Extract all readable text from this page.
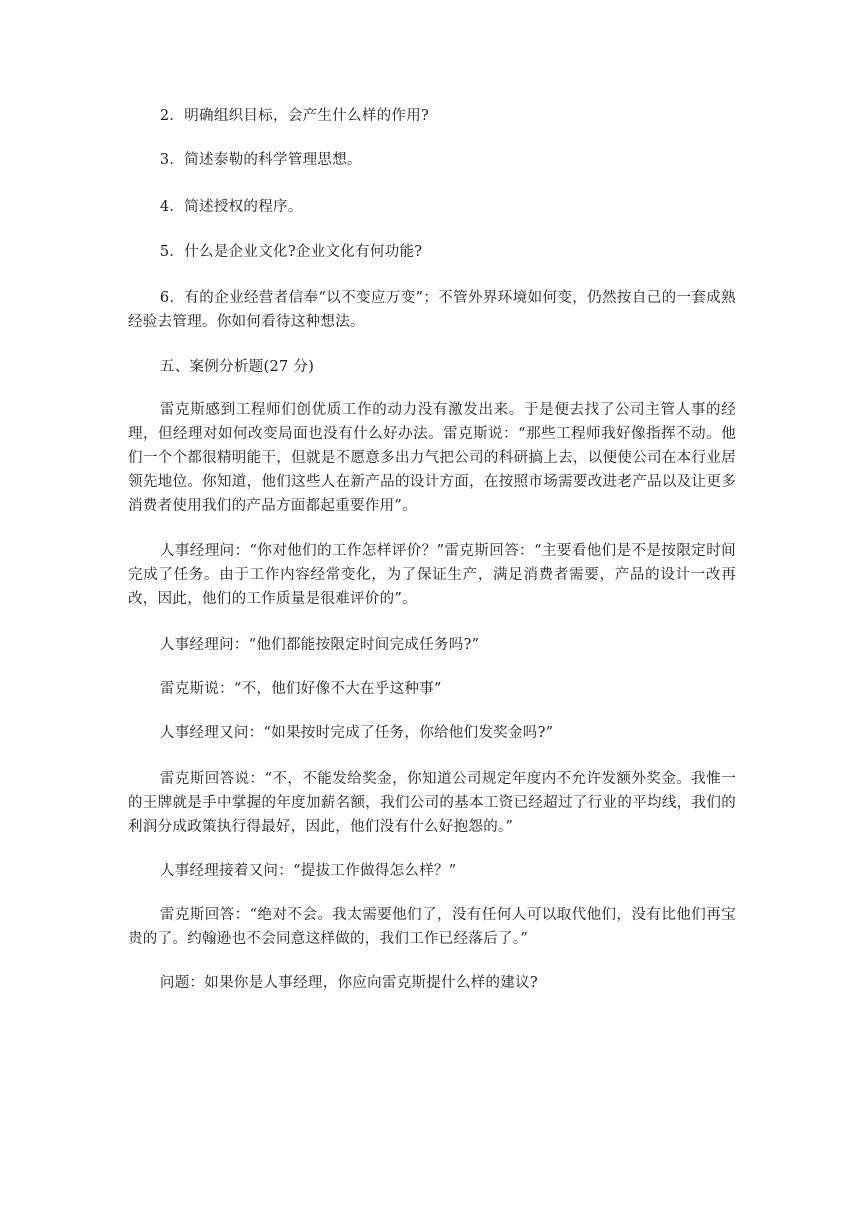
2．明确组织目标，会产生什么样的作用?

3．简述泰勒的科学管理思想。

4．简述授权的程序。

5．什么是企业文化?企业文化有何功能?

6．有的企业经营者信奉“以不变应万变”；不管外界环境如何变，仍然按自己的一套成熟经验去管理。你如何看待这种想法。

五、案例分析题(27 分)

雷克斯感到工程师们创优质工作的动力没有激发出来。于是便去找了公司主管人事的经理，但经理对如何改变局面也没有什么好办法。雷克斯说：“那些工程师我好像指挥不动。他们一个个都很精明能干，但就是不愿意多出力气把公司的科研搞上去，以便使公司在本行业居领先地位。你知道，他们这些人在新产品的设计方面，在按照市场需要改进老产品以及让更多消费者使用我们的产品方面都起重要作用”。

人事经理问：“你对他们的工作怎样评价？”雷克斯回答：“主要看他们是不是按限定时间完成了任务。由于工作内容经常变化，为了保证生产，满足消费者需要，产品的设计一改再改，因此，他们的工作质量是很难评价的”。

人事经理问：“他们都能按限定时间完成任务吗?”

雷克斯说：“不，他们好像不大在乎这种事”

人事经理又问：“如果按时完成了任务，你给他们发奖金吗?”

雷克斯回答说：“不，不能发给奖金，你知道公司规定年度内不允许发额外奖金。我惟一的王牌就是手中掌握的年度加薪名额，我们公司的基本工资已经超过了行业的平均线，我们的利润分成政策执行得最好，因此，他们没有什么好抱怨的。”

人事经理接着又问：“提拔工作做得怎么样？”

雷克斯回答：“绝对不会。我太需要他们了，没有任何人可以取代他们，没有比他们再宝贵的了。约翰逊也不会同意这样做的，我们工作已经落后了。”

问题：如果你是人事经理，你应向雷克斯提什么样的建议?
